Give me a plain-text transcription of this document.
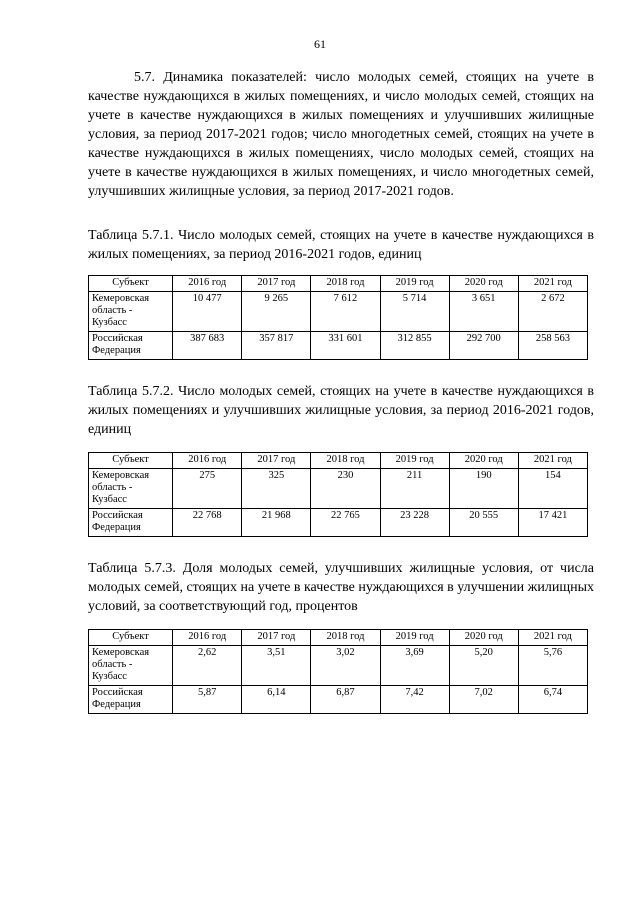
61

5.7. Динамика показателей: число молодых семей, стоящих на учете в качестве нуждающихся в жилых помещениях, и число молодых семей, стоящих на учете в качестве нуждающихся в жилых помещениях и улучшивших жилищные условия, за период 2017-2021 годов; число многодетных семей, стоящих на учете в качестве нуждающихся в жилых помещениях, число молодых семей, стоящих на учете в качестве нуждающихся в жилых помещениях, и число многодетных семей, улучшивших жилищные условия, за период 2017-2021 годов.

Таблица 5.7.1. Число молодых семей, стоящих на учете в качестве нуждающихся в жилых помещениях, за период 2016-2021 годов, единиц

Субъект	2016 год	2017 год	2018 год	2019 год	2020 год	2021 год
Кемеровская область - Кузбасс	10 477	9 265	7 612	5 714	3 651	2 672
Российская Федерация	387 683	357 817	331 601	312 855	292 700	258 563

Таблица 5.7.2. Число молодых семей, стоящих на учете в качестве нуждающихся в жилых помещениях и улучшивших жилищные условия, за период 2016-2021 годов, единиц

Субъект	2016 год	2017 год	2018 год	2019 год	2020 год	2021 год
Кемеровская область - Кузбасс	275	325	230	211	190	154
Российская Федерация	22 768	21 968	22 765	23 228	20 555	17 421

Таблица 5.7.3. Доля молодых семей, улучшивших жилищные условия, от числа молодых семей, стоящих на учете в качестве нуждающихся в улучшении жилищных условий, за соответствующий год, процентов

Субъект	2016 год	2017 год	2018 год	2019 год	2020 год	2021 год
Кемеровская область - Кузбасс	2,62	3,51	3,02	3,69	5,20	5,76
Российская Федерация	5,87	6,14	6,87	7,42	7,02	6,74
